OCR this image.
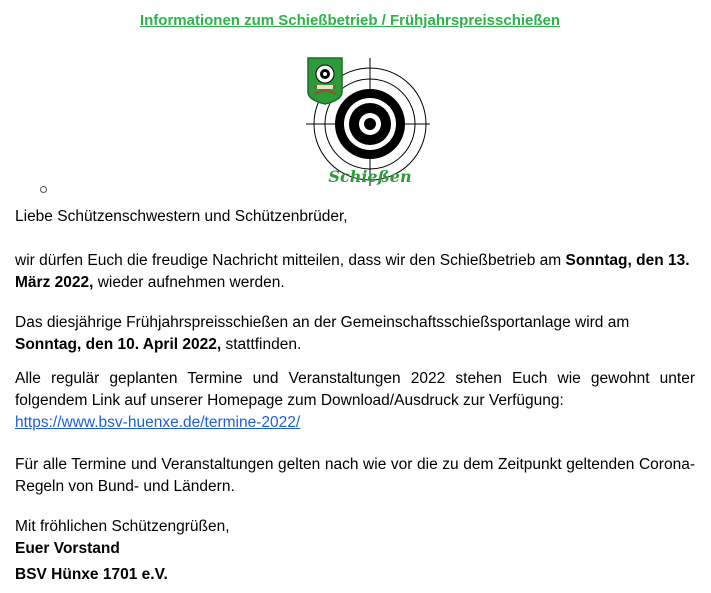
Informationen zum Schießbetrieb / Frühjahrspreisschießen
Schießen

Liebe Schützenschwestern und Schützenbrüder,

wir dürfen Euch die freudige Nachricht mitteilen, dass wir den Schießbetrieb am Sonntag, den 13. März 2022, wieder aufnehmen werden.

Das diesjährige Frühjahrspreisschießen an der Gemeinschaftsschießsportanlage wird am Sonntag, den 10. April 2022, stattfinden.

Alle regulär geplanten Termine und Veranstaltungen 2022 stehen Euch wie gewohnt unter folgendem Link auf unserer Homepage zum Download/Ausdruck zur Verfügung:
https://www.bsv-huenxe.de/termine-2022/

Für alle Termine und Veranstaltungen gelten nach wie vor die zu dem Zeitpunkt geltenden Corona-Regeln von Bund- und Ländern.

Mit fröhlichen Schützengrüßen,

Euer Vorstand

BSV Hünxe 1701 e.V.
